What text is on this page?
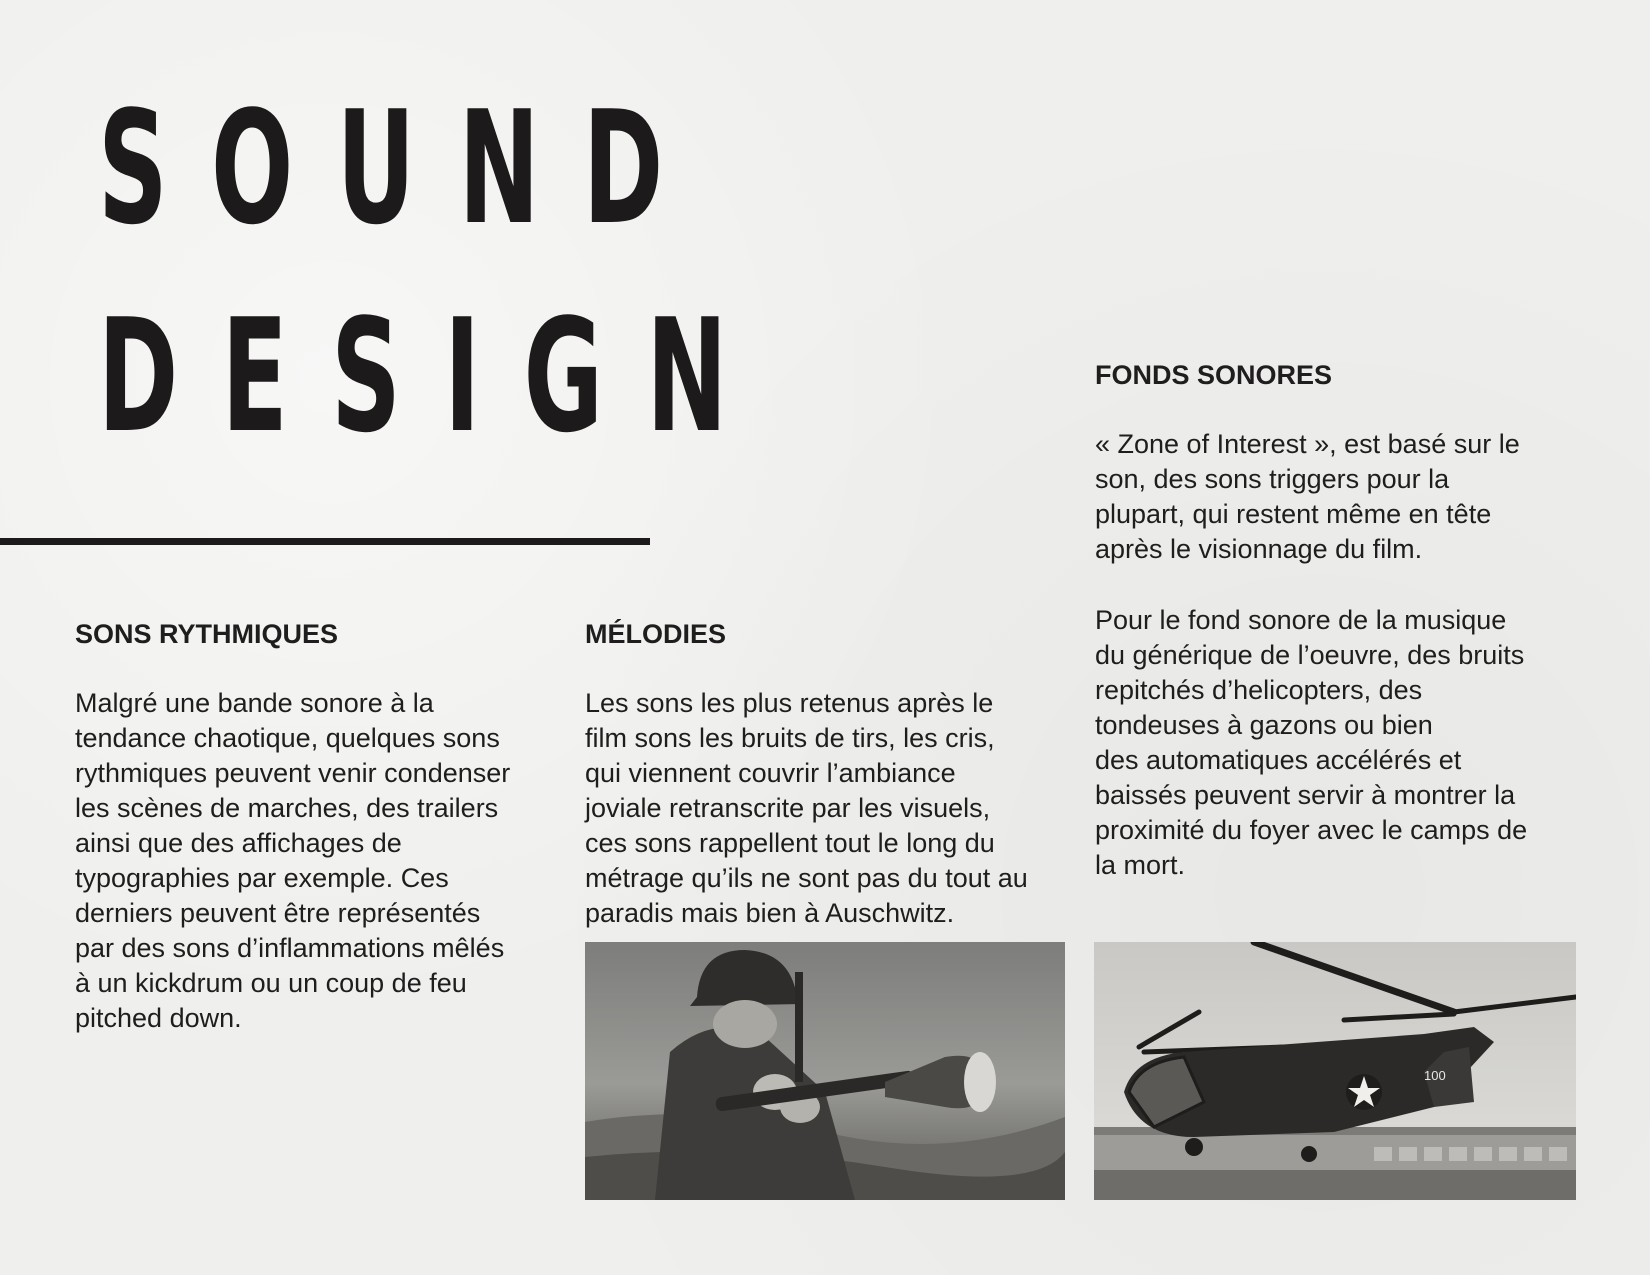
SOUND
DESIGN
SONS RYTHMIQUES

Malgré une bande sonore à la
tendance chaotique, quelques sons
rythmiques peuvent venir condenser
les scènes de marches, des trailers
ainsi que des affichages de
typographies par exemple. Ces
derniers peuvent être représentés
par des sons d’inflammations mêlés
à un kickdrum ou un coup de feu
pitched down.

MÉLODIES

Les sons les plus retenus après le
film sons les bruits de tirs, les cris,
qui viennent couvrir l’ambiance
joviale retranscrite par les visuels,
ces sons rappellent tout le long du
métrage qu’ils ne sont pas du tout au
paradis mais bien à Auschwitz.

FONDS SONORES

« Zone of Interest », est basé sur le
son, des sons triggers pour la
plupart, qui restent même en tête
après le visionnage du film.

Pour le fond sonore de la musique
du générique de l’oeuvre, des bruits
repitchés d’helicopters, des
tondeuses à gazons ou bien
des automatiques accélérés et
baissés peuvent servir à montrer la
proximité du foyer avec le camps de
la mort.

100
